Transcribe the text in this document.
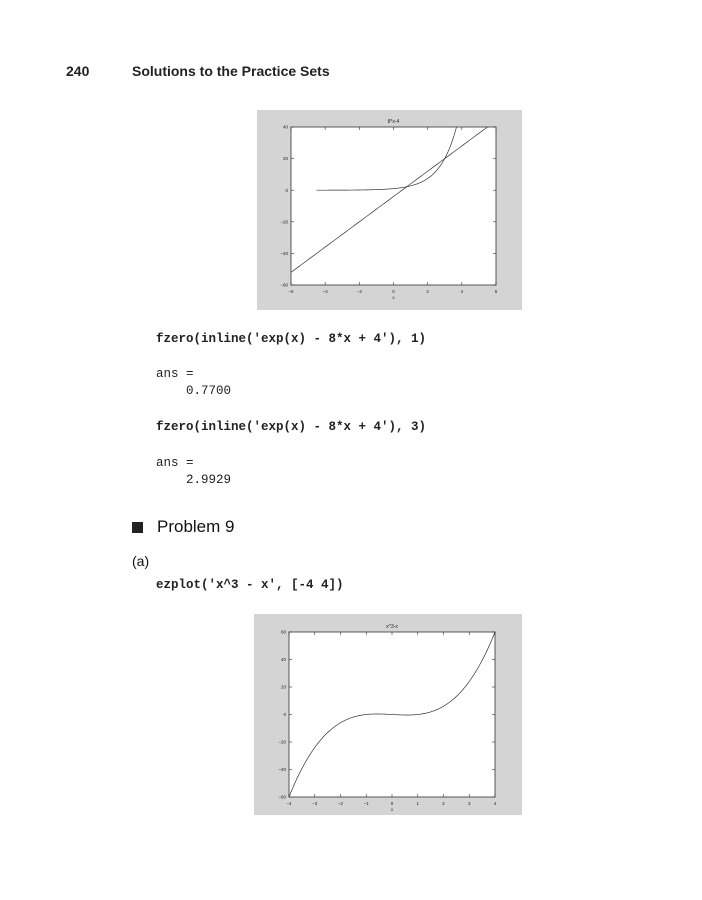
240	Solutions to the Practice Sets
8*x-4
−6	−4	−2	0	2	4	6
−60
−40
−20
0
20
40
x
fzero(inline('exp(x) - 8*x + 4'), 1)
ans =
0.7700
fzero(inline('exp(x) - 8*x + 4'), 3)
ans =
2.9929
Problem 9
(a)
ezplot('x^3 - x', [-4 4])
x^3-x
−4	−3	−2	−1	0	1	2	3	4
−60
−40
−20
0
20
40
60
x
